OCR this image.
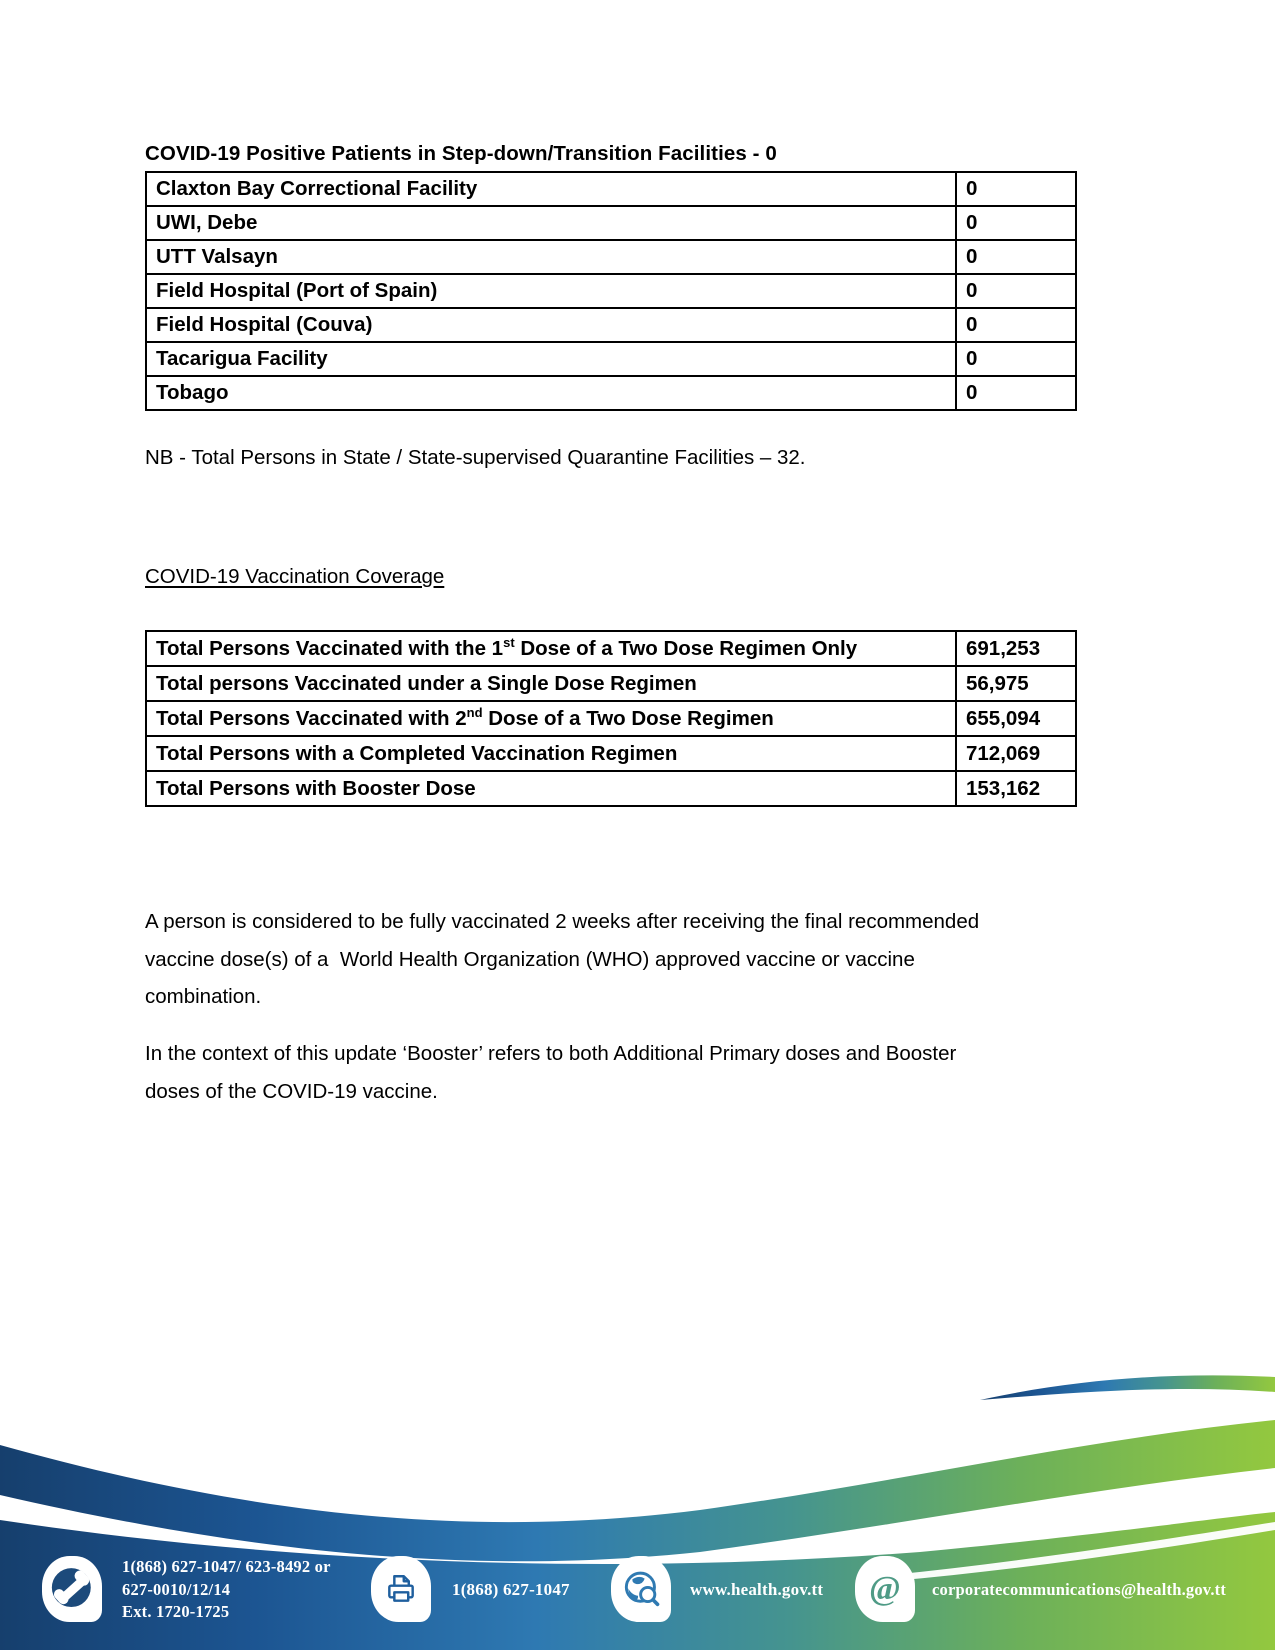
COVID-19 Positive Patients in Step-down/Transition Facilities - 0
Claxton Bay Correctional Facility	0
UWI, Debe	0
UTT Valsayn	0
Field Hospital (Port of Spain)	0
Field Hospital (Couva)	0
Tacarigua Facility	0
Tobago	0
NB - Total Persons in State / State-supervised Quarantine Facilities – 32.
COVID-19 Vaccination Coverage
Total Persons Vaccinated with the 1st Dose of a Two Dose Regimen Only	691,253
Total persons Vaccinated under a Single Dose Regimen	56,975
Total Persons Vaccinated with 2nd Dose of a Two Dose Regimen	655,094
Total Persons with a Completed Vaccination Regimen	712,069
Total Persons with Booster Dose	153,162
A person is considered to be fully vaccinated 2 weeks after receiving the final recommended
vaccine dose(s) of a  World Health Organization (WHO) approved vaccine or vaccine
combination.
In the context of this update ‘Booster’ refers to both Additional Primary doses and Booster
doses of the COVID-19 vaccine.
1(868) 627-1047/ 623-8492 or
627-0010/12/14
Ext. 1720-1725
1(868) 627-1047	www.health.gov.tt @ corporatecommunications@health.gov.tt
